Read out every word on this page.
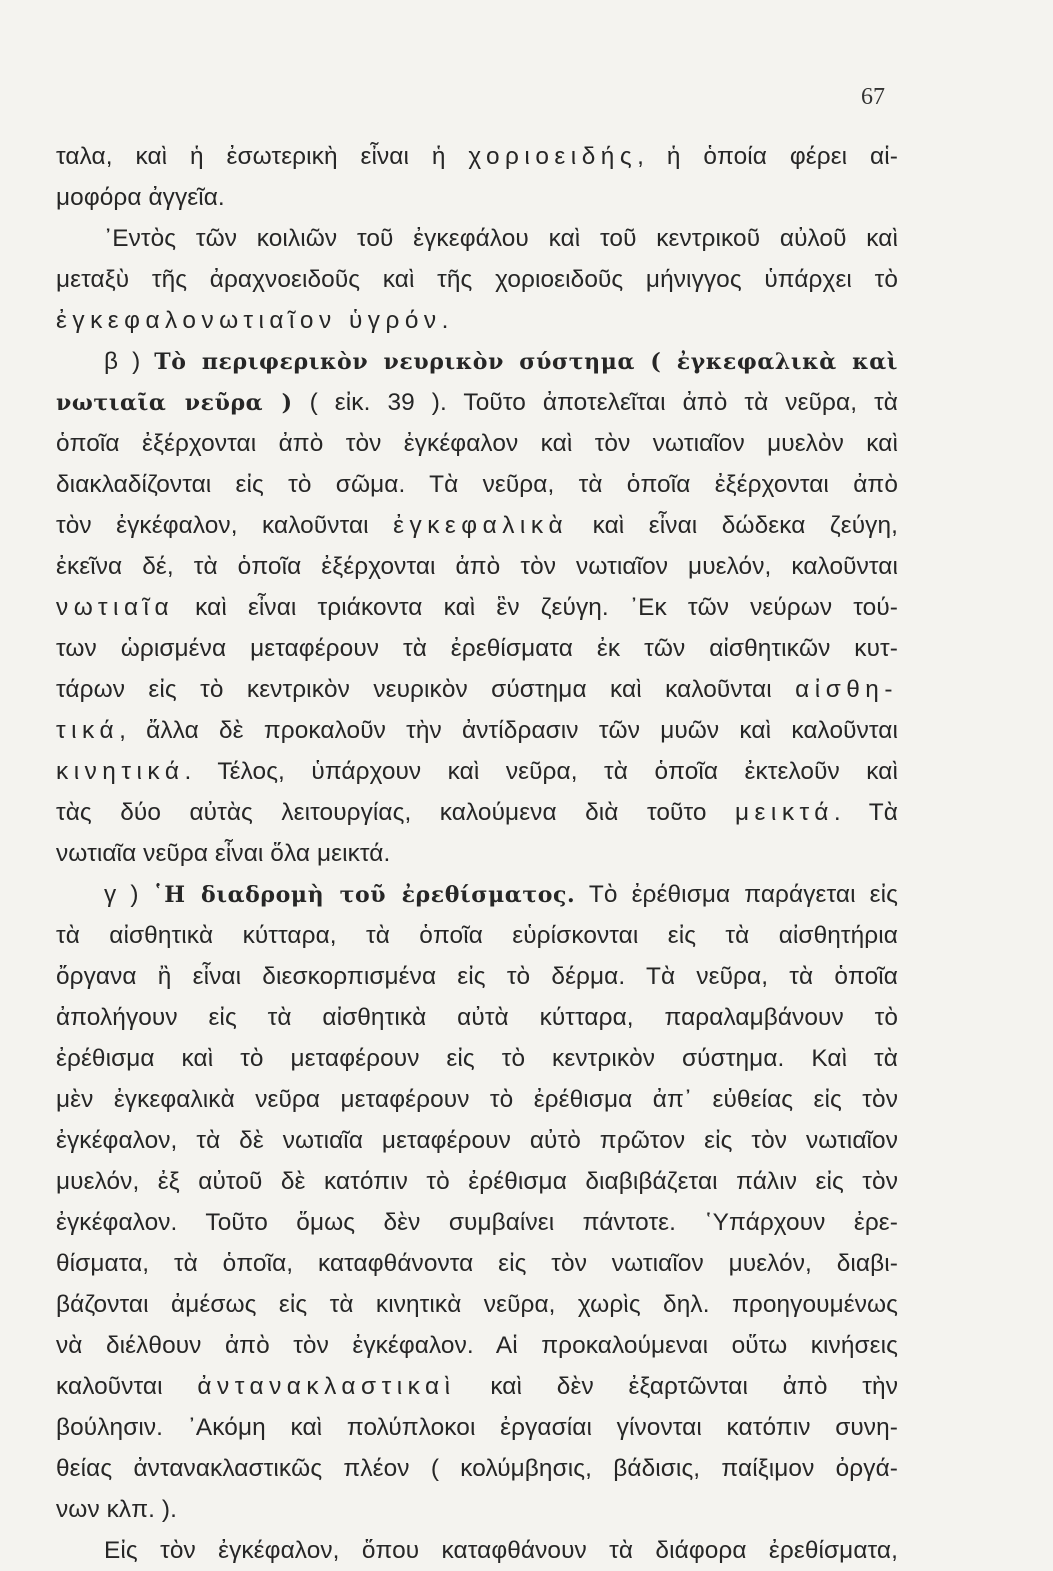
67
ταλα, καὶ ἡ ἐσωτερικὴ εἶναι ἡ χοριοειδής, ἡ ὁποία φέρει αἱ-
μοφόρα ἀγγεῖα.
᾿Εντὸς τῶν κοιλιῶν τοῦ ἐγκεφάλου καὶ τοῦ κεντρικοῦ αὐλοῦ καὶ
μεταξὺ τῆς ἀραχνοειδοῦς καὶ τῆς χοριοειδοῦς μήνιγγος ὑπάρχει τὸ
ἐγκεφαλονωτιαῖον ὑγρόν.
β ) Τὸ περιφερικὸν νευρικὸν σύστημα ( ἐγκεφαλικὰ καὶ
νωτιαῖα νεῦρα ) ( εἰκ. 39 ). Τοῦτο ἀποτελεῖται ἀπὸ τὰ νεῦρα, τὰ
ὁποῖα ἐξέρχονται ἀπὸ τὸν ἐγκέφαλον καὶ τὸν νωτιαῖον μυελὸν καὶ
διακλαδίζονται εἰς τὸ σῶμα. Τὰ νεῦρα, τὰ ὁποῖα ἐξέρχονται ἀπὸ
τὸν ἐγκέφαλον, καλοῦνται ἐγκεφαλικὰ καὶ εἶναι δώδεκα ζεύγη,
ἐκεῖνα δέ, τὰ ὁποῖα ἐξέρχονται ἀπὸ τὸν νωτιαῖον μυελόν, καλοῦνται
νωτιαῖα καὶ εἶναι τριάκοντα καὶ ἓν ζεύγη. ᾿Εκ τῶν νεύρων τού-
των ὡρισμένα μεταφέρουν τὰ ἐρεθίσματα ἐκ τῶν αἰσθητικῶν κυτ-
τάρων εἰς τὸ κεντρικὸν νευρικὸν σύστημα καὶ καλοῦνται αἰσθη-
τικά, ἄλλα δὲ προκαλοῦν τὴν ἀντίδρασιν τῶν μυῶν καὶ καλοῦνται
κινητικά. Τέλος, ὑπάρχουν καὶ νεῦρα, τὰ ὁποῖα ἐκτελοῦν καὶ
τὰς δύο αὐτὰς λειτουργίας, καλούμενα διὰ τοῦτο μεικτά. Τὰ
νωτιαῖα νεῦρα εἶναι ὅλα μεικτά.
γ ) ῾Η διαδρομὴ τοῦ ἐρεθίσματος. Τὸ ἐρέθισμα παράγεται εἰς
τὰ αἰσθητικὰ κύτταρα, τὰ ὁποῖα εὑρίσκονται εἰς τὰ αἰσθητήρια
ὄργανα ἢ εἶναι διεσκορπισμένα εἰς τὸ δέρμα. Τὰ νεῦρα, τὰ ὁποῖα
ἀπολήγουν εἰς τὰ αἰσθητικὰ αὐτὰ κύτταρα, παραλαμβάνουν τὸ
ἐρέθισμα καὶ τὸ μεταφέρουν εἰς τὸ κεντρικὸν σύστημα. Καὶ τὰ
μὲν ἐγκεφαλικὰ νεῦρα μεταφέρουν τὸ ἐρέθισμα ἀπ᾿ εὐθείας εἰς τὸν
ἐγκέφαλον, τὰ δὲ νωτιαῖα μεταφέρουν αὐτὸ πρῶτον εἰς τὸν νωτιαῖον
μυελόν, ἐξ αὐτοῦ δὲ κατόπιν τὸ ἐρέθισμα διαβιβάζεται πάλιν εἰς τὸν
ἐγκέφαλον. Τοῦτο ὅμως δὲν συμβαίνει πάντοτε. ῾Υπάρχουν ἐρε-
θίσματα, τὰ ὁποῖα, καταφθάνοντα εἰς τὸν νωτιαῖον μυελόν, διαβι-
βάζονται ἀμέσως εἰς τὰ κινητικὰ νεῦρα, χωρὶς δηλ. προηγουμένως
νὰ διέλθουν ἀπὸ τὸν ἐγκέφαλον. Αἱ προκαλούμεναι οὕτω κινήσεις
καλοῦνται ἀντανακλαστικαὶ καὶ δὲν ἐξαρτῶνται ἀπὸ τὴν
βούλησιν. ᾿Ακόμη καὶ πολύπλοκοι ἐργασίαι γίνονται κατόπιν συνη-
θείας ἀντανακλαστικῶς πλέον ( κολύμβησις, βάδισις, παίξιμον ὀργά-
νων κλπ. ).
Εἰς τὸν ἐγκέφαλον, ὅπου καταφθάνουν τὰ διάφορα ἐρεθίσματα,
